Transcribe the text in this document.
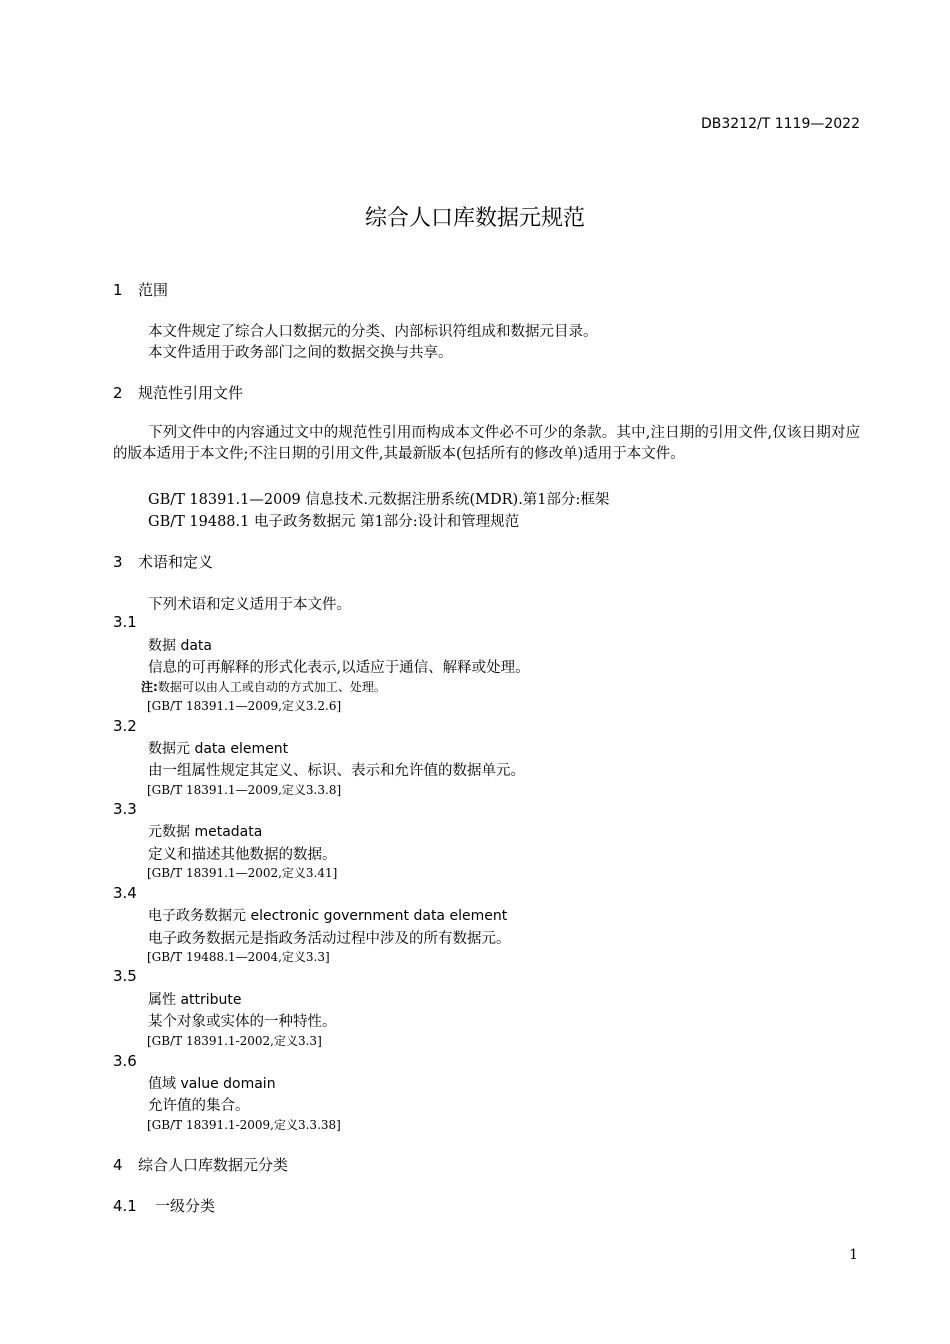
DB3212/T 1119—2022
综合人口库数据元规范
1 范围
本文件规定了综合人口数据元的分类、内部标识符组成和数据元目录。
本文件适用于政务部门之间的数据交换与共享。
2 规范性引用文件
下列文件中的内容通过文中的规范性引用而构成本文件必不可少的条款。其中,注日期的引用文件,仅该日期对应的版本适用于本文件;不注日期的引用文件,其最新版本(包括所有的修改单)适用于本文件。
GB/T 18391.1—2009 信息技术.元数据注册系统(MDR).第1部分:框架
GB/T 19488.1 电子政务数据元 第1部分:设计和管理规范
3 术语和定义
下列术语和定义适用于本文件。
3.1
数据 data
信息的可再解释的形式化表示,以适应于通信、解释或处理。
注:数据可以由人工或自动的方式加工、处理。
[GB/T 18391.1—2009,定义3.2.6]
3.2
数据元 data element
由一组属性规定其定义、标识、表示和允许值的数据单元。
[GB/T 18391.1—2009,定义3.3.8]
3.3
元数据 metadata
定义和描述其他数据的数据。
[GB/T 18391.1—2002,定义3.41]
3.4
电子政务数据元 electronic government data element
电子政务数据元是指政务活动过程中涉及的所有数据元。
[GB/T 19488.1—2004,定义3.3]
3.5
属性 attribute
某个对象或实体的一种特性。
[GB/T 18391.1-2002,定义3.3]
3.6
值域 value domain
允许值的集合。
[GB/T 18391.1-2009,定义3.3.38]
4 综合人口库数据元分类
4.1 一级分类
1
